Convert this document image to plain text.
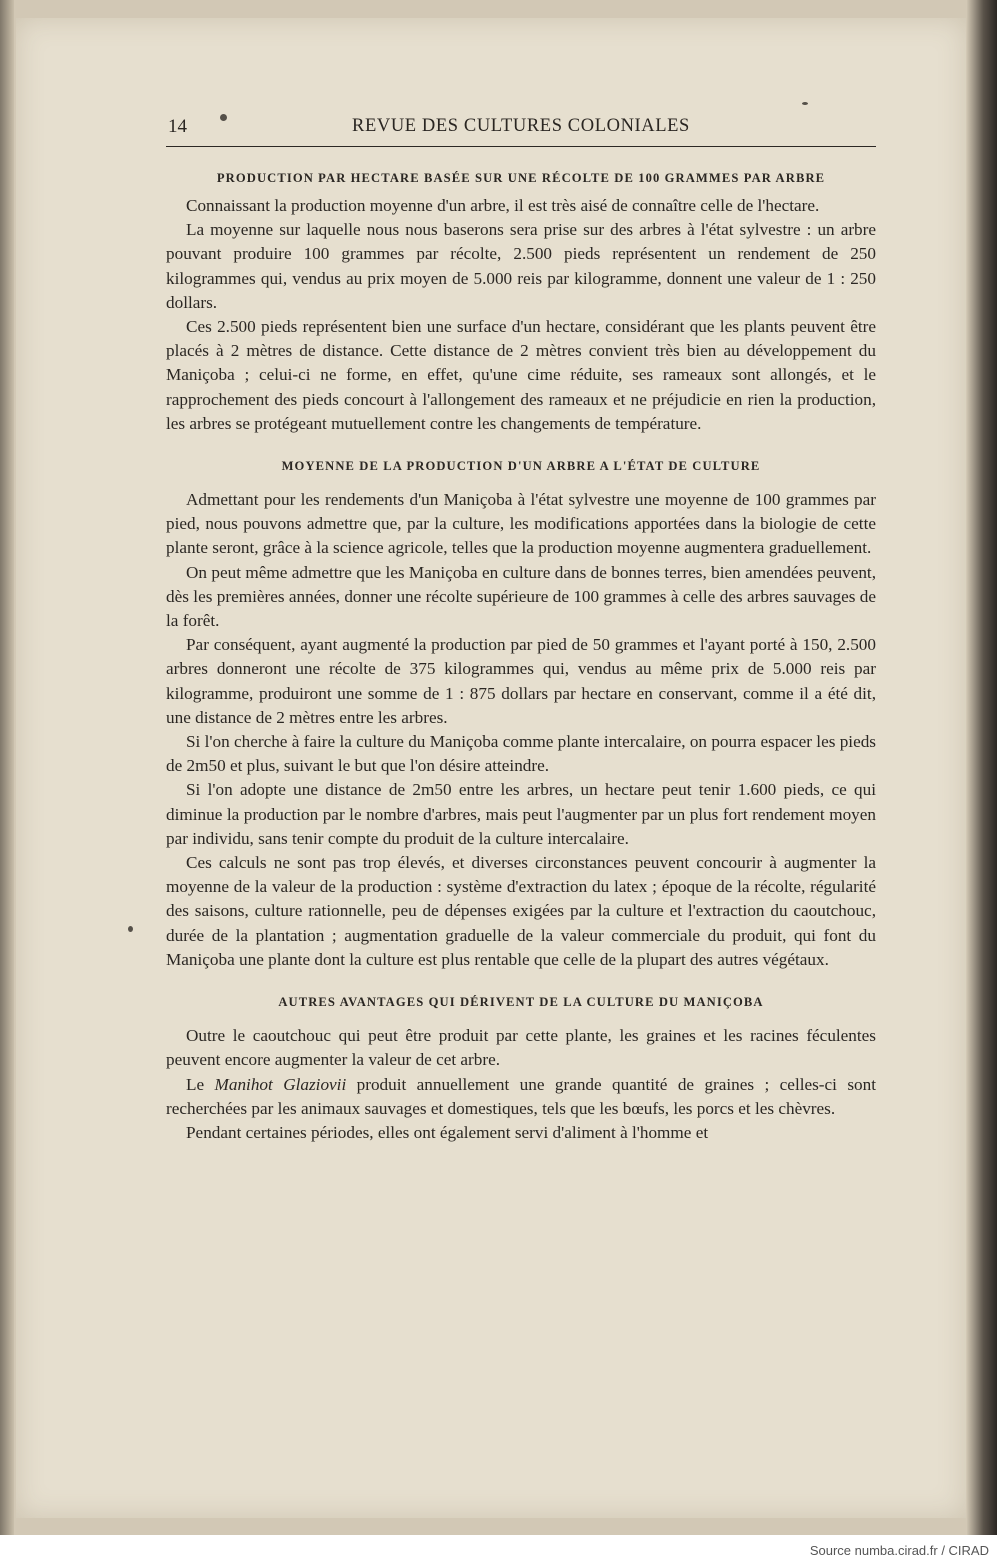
14	REVUE DES CULTURES COLONIALES
PRODUCTION PAR HECTARE BASÉE SUR UNE RÉCOLTE DE 100 GRAMMES PAR ARBRE

Connaissant la production moyenne d'un arbre, il est très aisé de connaître celle de l'hectare.

La moyenne sur laquelle nous nous baserons sera prise sur des arbres à l'état sylvestre : un arbre pouvant produire 100 grammes par récolte, 2.500 pieds représentent un rendement de 250 kilogrammes qui, vendus au prix moyen de 5.000 reis par kilogramme, donnent une valeur de 1 : 250 dollars.

Ces 2.500 pieds représentent bien une surface d'un hectare, considérant que les plants peuvent être placés à 2 mètres de distance. Cette distance de 2 mètres convient très bien au développement du Maniçoba ; celui-ci ne forme, en effet, qu'une cime réduite, ses rameaux sont allongés, et le rapprochement des pieds concourt à l'allongement des rameaux et ne préjudicie en rien la production, les arbres se protégeant mutuellement contre les changements de température.

MOYENNE DE LA PRODUCTION D'UN ARBRE A L'ÉTAT DE CULTURE

Admettant pour les rendements d'un Maniçoba à l'état sylvestre une moyenne de 100 grammes par pied, nous pouvons admettre que, par la culture, les modifications apportées dans la biologie de cette plante seront, grâce à la science agricole, telles que la production moyenne augmentera graduellement.

On peut même admettre que les Maniçoba en culture dans de bonnes terres, bien amendées peuvent, dès les premières années, donner une récolte supérieure de 100 grammes à celle des arbres sauvages de la forêt.

Par conséquent, ayant augmenté la production par pied de 50 grammes et l'ayant porté à 150, 2.500 arbres donneront une récolte de 375 kilogrammes qui, vendus au même prix de 5.000 reis par kilogramme, produiront une somme de 1 : 875 dollars par hectare en conservant, comme il a été dit, une distance de 2 mètres entre les arbres.

Si l'on cherche à faire la culture du Maniçoba comme plante intercalaire, on pourra espacer les pieds de 2m50 et plus, suivant le but que l'on désire atteindre.

Si l'on adopte une distance de 2m50 entre les arbres, un hectare peut tenir 1.600 pieds, ce qui diminue la production par le nombre d'arbres, mais peut l'augmenter par un plus fort rendement moyen par individu, sans tenir compte du produit de la culture intercalaire.

Ces calculs ne sont pas trop élevés, et diverses circonstances peuvent concourir à augmenter la moyenne de la valeur de la production : système d'extraction du latex ; époque de la récolte, régularité des saisons, culture rationnelle, peu de dépenses exigées par la culture et l'extraction du caoutchouc, durée de la plantation ; augmentation graduelle de la valeur commerciale du produit, qui font du Maniçoba une plante dont la culture est plus rentable que celle de la plupart des autres végétaux.

AUTRES AVANTAGES QUI DÉRIVENT DE LA CULTURE DU MANIÇOBA

Outre le caoutchouc qui peut être produit par cette plante, les graines et les racines féculentes peuvent encore augmenter la valeur de cet arbre.

Le Manihot Glaziovii produit annuellement une grande quantité de graines ; celles-ci sont recherchées par les animaux sauvages et domestiques, tels que les bœufs, les porcs et les chèvres.

Pendant certaines périodes, elles ont également servi d'aliment à l'homme et

Source numba.cirad.fr / CIRAD
